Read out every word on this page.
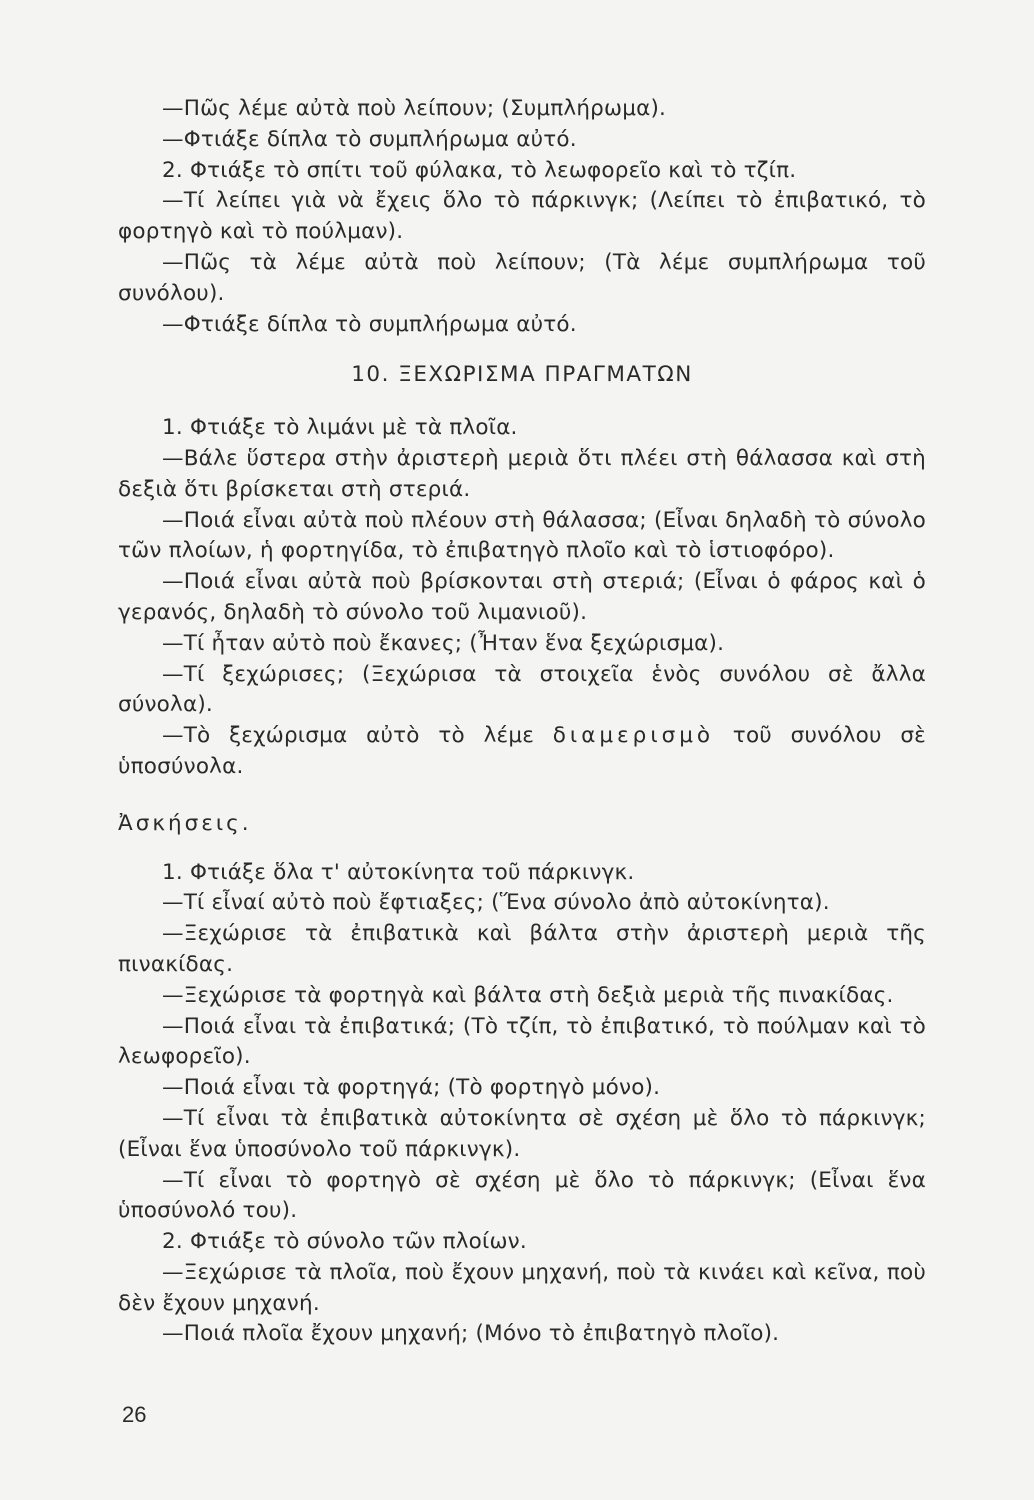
—Πῶς λέμε αὐτὰ ποὺ λείπουν; (Συμπλήρωμα).

—Φτιάξε δίπλα τὸ συμπλήρωμα αὐτό.

2. Φτιάξε τὸ σπίτι τοῦ φύλακα, τὸ λεωφορεῖο καὶ τὸ τζίπ.

—Τί λείπει γιὰ νὰ ἔχεις ὅλο τὸ πάρκινγκ; (Λείπει τὸ ἐπιβατικό, τὸ φορτηγὸ καὶ τὸ πούλμαν).

—Πῶς τὰ λέμε αὐτὰ ποὺ λείπουν; (Τὰ λέμε συμπλήρωμα τοῦ συνόλου).

—Φτιάξε δίπλα τὸ συμπλήρωμα αὐτό.

10. ΞΕΧΩΡΙΣΜΑ ΠΡΑΓΜΑΤΩΝ

1. Φτιάξε τὸ λιμάνι μὲ τὰ πλοῖα.

—Βάλε ὕστερα στὴν ἀριστερὴ μεριὰ ὅτι πλέει στὴ θάλασσα καὶ στὴ δεξιὰ ὅτι βρίσκεται στὴ στεριά.

—Ποιά εἶναι αὐτὰ ποὺ πλέουν στὴ θάλασσα; (Εἶναι δηλαδὴ τὸ σύνολο τῶν πλοίων, ἡ φορτηγίδα, τὸ ἐπιβατηγὸ πλοῖο καὶ τὸ ἱστιοφόρο).

—Ποιά εἶναι αὐτὰ ποὺ βρίσκονται στὴ στεριά; (Εἶναι ὁ φάρος καὶ ὁ γερανός, δηλαδὴ τὸ σύνολο τοῦ λιμανιοῦ).

—Τί ἦταν αὐτὸ ποὺ ἔκανες; (Ἦταν ἕνα ξεχώρισμα).

—Τί ξεχώρισες; (Ξεχώρισα τὰ στοιχεῖα ἑνὸς συνόλου σὲ ἄλλα σύνολα).

—Τὸ ξεχώρισμα αὐτὸ τὸ λέμε διαμερισμὸ τοῦ συνόλου σὲ ὑποσύνολα.

Ἀσκήσεις.

1. Φτιάξε ὅλα τ' αὐτοκίνητα τοῦ πάρκινγκ.

—Τί εἶναί αὐτὸ ποὺ ἔφτιαξες; (Ἕνα σύνολο ἀπὸ αὐτοκίνητα).

—Ξεχώρισε τὰ ἐπιβατικὰ καὶ βάλτα στὴν ἀριστερὴ μεριὰ τῆς πινακίδας.

—Ξεχώρισε τὰ φορτηγὰ καὶ βάλτα στὴ δεξιὰ μεριὰ τῆς πινακίδας.

—Ποιά εἶναι τὰ ἐπιβατικά; (Τὸ τζίπ, τὸ ἐπιβατικό, τὸ πούλμαν καὶ τὸ λεωφορεῖο).

—Ποιά εἶναι τὰ φορτηγά; (Τὸ φορτηγὸ μόνο).

—Τί εἶναι τὰ ἐπιβατικὰ αὐτοκίνητα σὲ σχέση μὲ ὅλο τὸ πάρκινγκ; (Εἶναι ἕνα ὑποσύνολο τοῦ πάρκινγκ).

—Τί εἶναι τὸ φορτηγὸ σὲ σχέση μὲ ὅλο τὸ πάρκινγκ; (Εἶναι ἕνα ὑποσύνολό του).

2. Φτιάξε τὸ σύνολο τῶν πλοίων.

—Ξεχώρισε τὰ πλοῖα, ποὺ ἔχουν μηχανή, ποὺ τὰ κινάει καὶ κεῖνα, ποὺ δὲν ἔχουν μηχανή.

—Ποιά πλοῖα ἔχουν μηχανή; (Μόνο τὸ ἐπιβατηγὸ πλοῖο).

26
